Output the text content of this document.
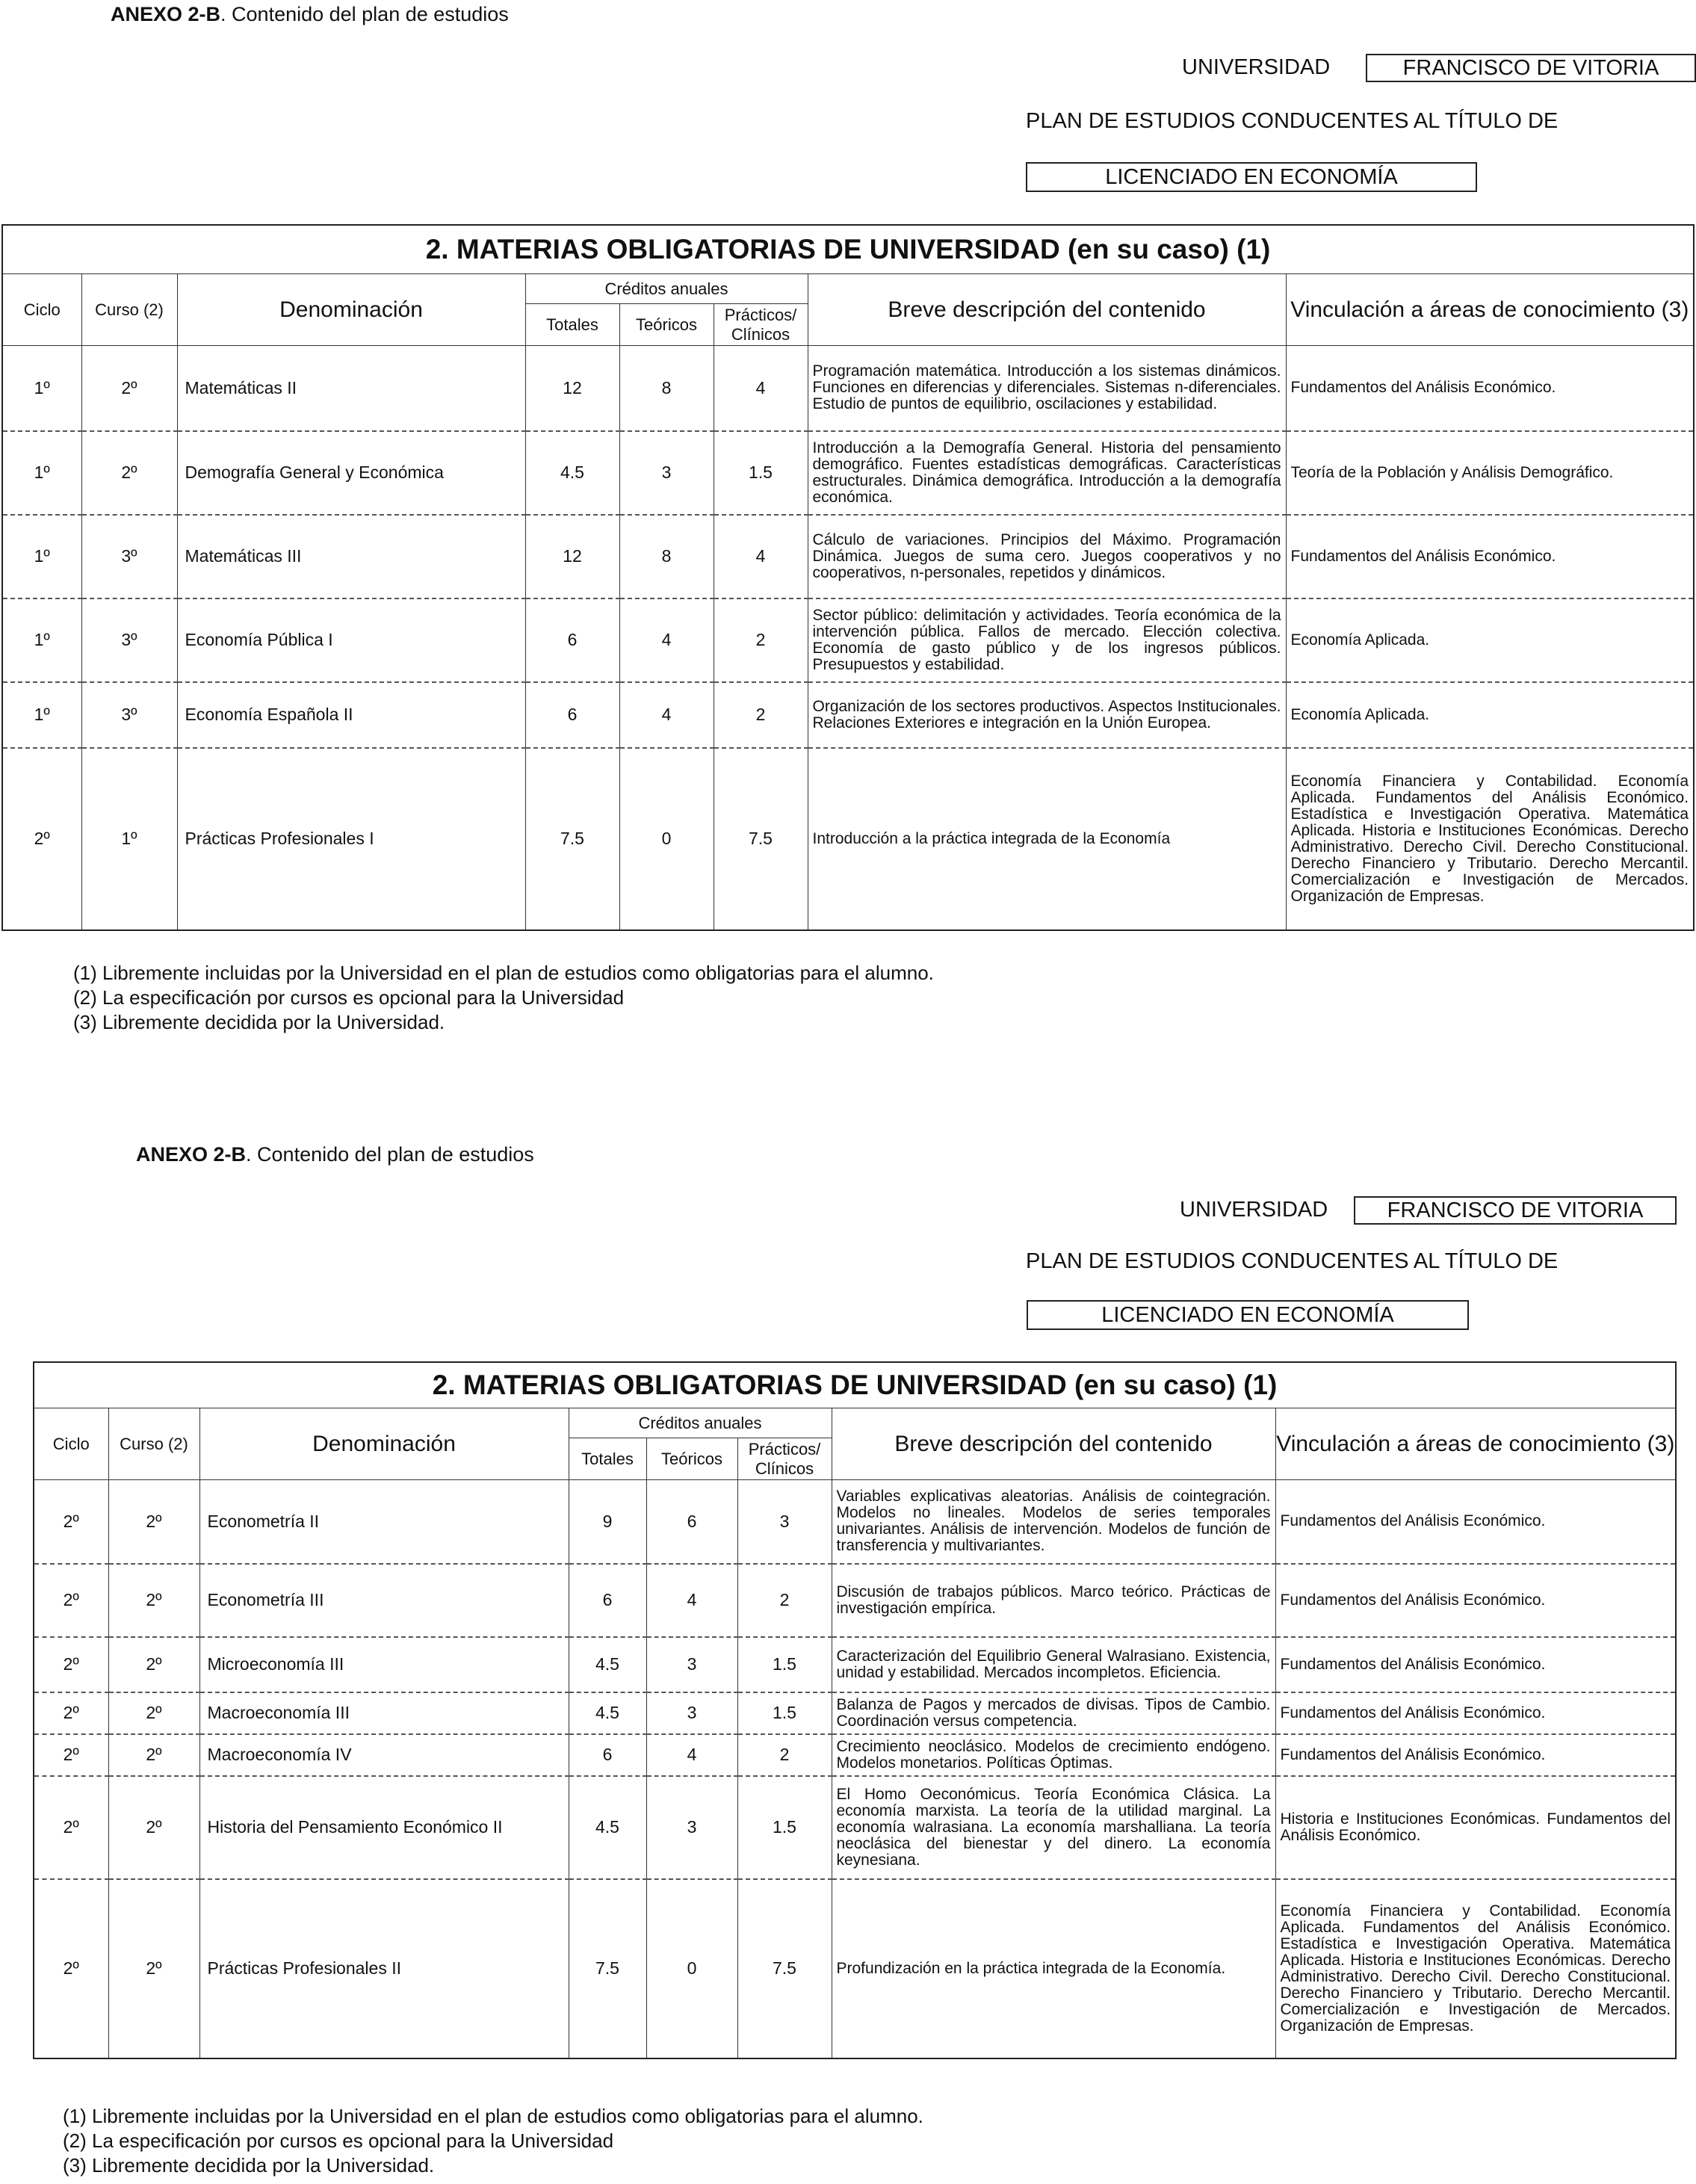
ANEXO 2-B. Contenido del plan de estudios
UNIVERSIDAD	FRANCISCO DE VITORIA
PLAN DE ESTUDIOS CONDUCENTES AL TÍTULO DE
LICENCIADO EN ECONOMÍA
2. MATERIAS OBLIGATORIAS DE UNIVERSIDAD (en su caso) (1)							
Ciclo	Curso (2)	Denominación	Créditos anuales			Breve descripción del contenido	Vinculación a áreas de conocimiento (3)
			Totales	Teóricos	Prácticos/ Clínicos		
1º	2º	Matemáticas II	12	8	4	Programación matemática. Introducción a los sistemas dinámicos. Funciones en diferencias y diferenciales. Sistemas n-diferenciales. Estudio de puntos de equilibrio, oscilaciones y estabilidad.	Fundamentos del Análisis Económico.
1º	2º	Demografía General y Económica	4.5	3	1.5	Introducción a la Demografía General. Historia del pensamiento demográfico. Fuentes estadísticas demográficas. Características estructurales. Dinámica demográfica. Introducción a la demografía económica.	Teoría de la Población y Análisis Demográfico.
1º	3º	Matemáticas III	12	8	4	Cálculo de variaciones. Principios del Máximo. Programación Dinámica. Juegos de suma cero. Juegos cooperativos y no cooperativos, n-personales, repetidos y dinámicos.	Fundamentos del Análisis Económico.
1º	3º	Economía Pública I	6	4	2	Sector público: delimitación y actividades. Teoría económica de la intervención pública. Fallos de mercado. Elección colectiva. Economía de gasto público y de los ingresos públicos. Presupuestos y estabilidad.	Economía Aplicada.
1º	3º	Economía Española II	6	4	2	Organización de los sectores productivos. Aspectos Institucionales. Relaciones Exteriores e integración en la Unión Europea.	Economía Aplicada.
2º	1º	Prácticas Profesionales I	7.5	0	7.5	Introducción a la práctica integrada de la Economía	Economía Financiera y Contabilidad. Economía Aplicada. Fundamentos del Análisis Económico. Estadística e Investigación Operativa. Matemática Aplicada. Historia e Instituciones Económicas. Derecho Administrativo. Derecho Civil. Derecho Constitucional. Derecho Financiero y Tributario. Derecho Mercantil. Comercialización e Investigación de Mercados. Organización de Empresas.
(1) Libremente incluidas por la Universidad en el plan de estudios como obligatorias para el alumno.
(2) La especificación por cursos es opcional para la Universidad
(3) Libremente decidida por la Universidad.
ANEXO 2-B. Contenido del plan de estudios
UNIVERSIDAD	FRANCISCO DE VITORIA
PLAN DE ESTUDIOS CONDUCENTES AL TÍTULO DE
LICENCIADO EN ECONOMÍA
2. MATERIAS OBLIGATORIAS DE UNIVERSIDAD (en su caso) (1)							
Ciclo	Curso (2)	Denominación	Créditos anuales			Breve descripción del contenido	Vinculación a áreas de conocimiento (3)
			Totales	Teóricos	Prácticos/ Clínicos		
2º	2º	Econometría II	9	6	3	Variables explicativas aleatorias. Análisis de cointegración. Modelos no lineales. Modelos de series temporales univariantes. Análisis de intervención. Modelos de función de transferencia y multivariantes.	Fundamentos del Análisis Económico.
2º	2º	Econometría III	6	4	2	Discusión de trabajos públicos. Marco teórico. Prácticas de investigación empírica.	Fundamentos del Análisis Económico.
2º	2º	Microeconomía III	4.5	3	1.5	Caracterización del Equilibrio General Walrasiano. Existencia, unidad y estabilidad. Mercados incompletos. Eficiencia.	Fundamentos del Análisis Económico.
2º	2º	Macroeconomía III	4.5	3	1.5	Balanza de Pagos y mercados de divisas. Tipos de Cambio. Coordinación versus competencia.	Fundamentos del Análisis Económico.
2º	2º	Macroeconomía IV	6	4	2	Crecimiento neoclásico. Modelos de crecimiento endógeno. Modelos monetarios. Políticas Óptimas.	Fundamentos del Análisis Económico.
2º	2º	Historia del Pensamiento Económico II	4.5	3	1.5	El Homo Oeconómicus. Teoría Económica Clásica. La economía marxista. La teoría de la utilidad marginal. La economía walrasiana. La economía marshalliana. La teoría neoclásica del bienestar y del dinero. La economía keynesiana.	Historia e Instituciones Económicas. Fundamentos del Análisis Económico.
2º	2º	Prácticas Profesionales II	7.5	0	7.5	Profundización en la práctica integrada de la Economía.	Economía Financiera y Contabilidad. Economía Aplicada. Fundamentos del Análisis Económico. Estadística e Investigación Operativa. Matemática Aplicada. Historia e Instituciones Económicas. Derecho Administrativo. Derecho Civil. Derecho Constitucional. Derecho Financiero y Tributario. Derecho Mercantil. Comercialización e Investigación de Mercados. Organización de Empresas.
(1) Libremente incluidas por la Universidad en el plan de estudios como obligatorias para el alumno.
(2) La especificación por cursos es opcional para la Universidad
(3) Libremente decidida por la Universidad.
